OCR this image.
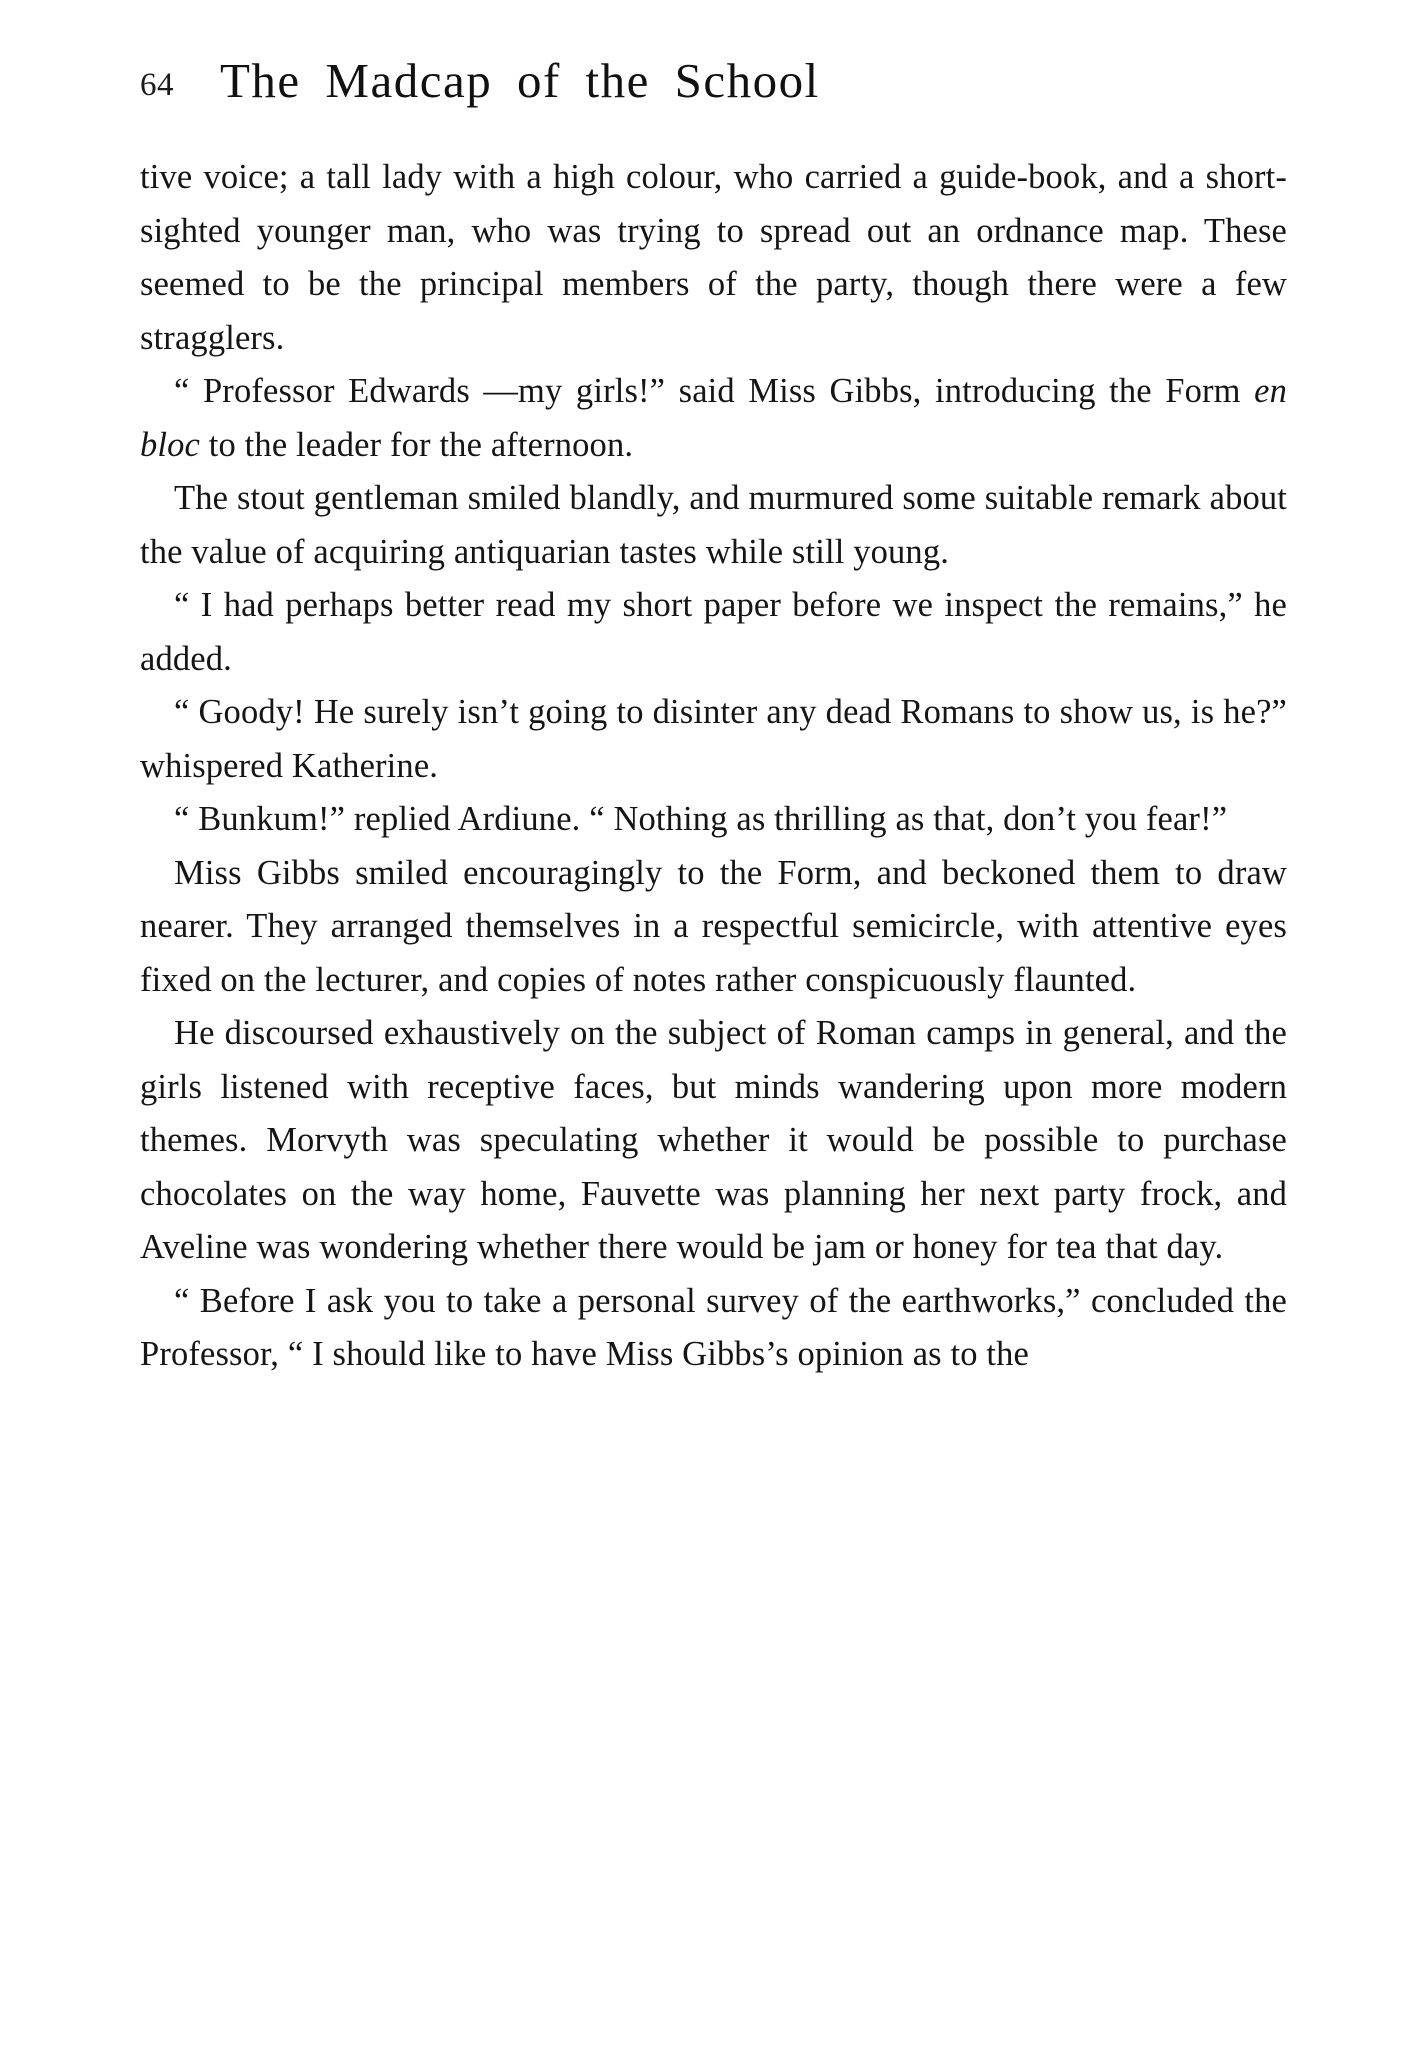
64 The Madcap of the School

tive voice; a tall lady with a high colour, who carried a guide-book, and a short-sighted younger man, who was trying to spread out an ordnance map. These seemed to be the principal members of the party, though there were a few stragglers.

“ Professor Edwards —my girls!” said Miss Gibbs, introducing the Form en bloc to the leader for the afternoon.

The stout gentleman smiled blandly, and murmured some suitable remark about the value of acquiring antiquarian tastes while still young.

“ I had perhaps better read my short paper before we inspect the remains,” he added.

“ Goody! He surely isn’t going to disinter any dead Romans to show us, is he?” whispered Katherine.

“ Bunkum!” replied Ardiune. “ Nothing as thrilling as that, don’t you fear!”

Miss Gibbs smiled encouragingly to the Form, and beckoned them to draw nearer. They arranged themselves in a respectful semicircle, with attentive eyes fixed on the lecturer, and copies of notes rather conspicuously flaunted.

He discoursed exhaustively on the subject of Roman camps in general, and the girls listened with receptive faces, but minds wandering upon more modern themes. Morvyth was speculating whether it would be possible to purchase chocolates on the way home, Fauvette was planning her next party frock, and Aveline was wondering whether there would be jam or honey for tea that day.

“ Before I ask you to take a personal survey of the earthworks,” concluded the Professor, “ I should like to have Miss Gibbs’s opinion as to the
